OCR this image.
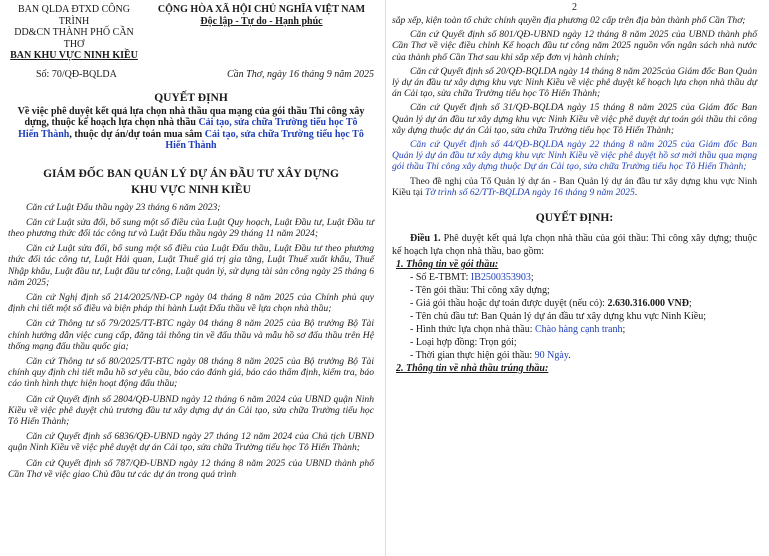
BAN QLDA ĐTXD CÔNG TRÌNH
DD&CN THÀNH PHỐ CẦN THƠ
BAN KHU VỰC NINH KIỀU
CỘNG HÒA XÃ HỘI CHỦ NGHĨA VIỆT NAM
Độc lập - Tự do - Hạnh phúc
Số: 70/QĐ-BQLDA	Cần Thơ, ngày 16 tháng 9 năm 2025
QUYẾT ĐỊNH
Về việc phê duyệt kết quả lựa chọn nhà thầu qua mạng của gói thầu Thi công xây dựng, thuộc kế hoạch lựa chọn nhà thầu Cải tạo, sửa chữa Trường tiểu học Tô Hiến Thành, thuộc dự án/dự toán mua sắm Cải tạo, sửa chữa Trường tiểu học Tô Hiến Thành
GIÁM ĐỐC BAN QUẢN LÝ DỰ ÁN ĐẦU TƯ XÂY DỰNG
KHU VỰC NINH KIỀU

Căn cứ Luật Đấu thầu ngày 23 tháng 6 năm 2023;

Căn cứ Luật sửa đổi, bổ sung một số điều của Luật Quy hoạch, Luật Đầu tư, Luật Đầu tư theo phương thức đối tác công tư và Luật Đấu thầu ngày 29 tháng 11 năm 2024;

Căn cứ Luật sửa đổi, bổ sung một số điều của Luật Đấu thầu, Luật Đầu tư theo phương thức đối tác công tư, Luật Hải quan, Luật Thuế giá trị gia tăng, Luật Thuế xuất khẩu, Thuế Nhập khẩu, Luật đầu tư, Luật đầu tư công, Luật quản lý, sử dụng tài sản công ngày 25 tháng 6 năm 2025;

Căn cứ Nghị định số 214/2025/NĐ-CP ngày 04 tháng 8 năm 2025 của Chính phủ quy định chi tiết một số điều và biện pháp thi hành Luật Đấu thầu về lựa chọn nhà thầu;

Căn cứ Thông tư số 79/2025/TT-BTC ngày 04 tháng 8 năm 2025 của Bộ trưởng Bộ Tài chính hướng dẫn việc cung cấp, đăng tải thông tin về đấu thầu và mẫu hồ sơ đấu thầu trên Hệ thống mạng đấu thầu quốc gia;

Căn cứ Thông tư số 80/2025/TT-BTC ngày 08 tháng 8 năm 2025 của Bộ trưởng Bộ Tài chính quy định chi tiết mẫu hồ sơ yêu cầu, báo cáo đánh giá, báo cáo thẩm định, kiểm tra, báo cáo tình hình thực hiện hoạt động đấu thầu;

Căn cứ Quyết định số 2804/QĐ-UBND ngày 12 tháng 6 năm 2024 của UBND quận Ninh Kiều về việc phê duyệt chủ trương đầu tư xây dựng dự án Cải tạo, sửa chữa Trường tiểu học Tô Hiến Thành;

Căn cứ Quyết định số 6836/QĐ-UBND ngày 27 tháng 12 năm 2024 của Chủ tịch UBND quận Ninh Kiều về việc phê duyệt dự án Cải tạo, sửa chữa Trường tiểu học Tô Hiến Thành;

Căn cứ Quyết định số 787/QĐ-UBND ngày 12 tháng 8 năm 2025 của UBND thành phố Cần Thơ về việc giao Chủ đầu tư các dự án trong quá trình

2

sắp xếp, kiện toàn tổ chức chính quyền địa phương 02 cấp trên địa bàn thành phố Cần Thơ;

Căn cứ Quyết định số 801/QĐ-UBND ngày 12 tháng 8 năm 2025 của UBND thành phố Cần Thơ về việc điều chỉnh Kế hoạch đầu tư công năm 2025 nguồn vốn ngân sách nhà nước của thành phố Cần Thơ sau khi sắp xếp đơn vị hành chính;

Căn cứ Quyết định số 20/QĐ-BQLDA ngày 14 tháng 8 năm 2025của Giám đốc Ban Quản lý dự án đầu tư xây dựng khu vực Ninh Kiều về việc phê duyệt kế hoạch lựa chọn nhà thầu dự án Cải tạo, sửa chữa Trường tiểu học Tô Hiến Thành;

Căn cứ Quyết định số 31/QĐ-BQLDA ngày 15 tháng 8 năm 2025 của Giám đốc Ban Quản lý dự án đầu tư xây dựng khu vực Ninh Kiều về việc phê duyệt dự toán gói thầu thi công xây dựng thuộc dự án Cải tạo, sửa chữa Trường tiểu học Tô Hiến Thành;

Căn cứ Quyết định số 44/QĐ-BQLDA ngày 22 tháng 8 năm 2025 của Giám đốc Ban Quản lý dự án đầu tư xây dựng khu vực Ninh Kiều về việc phê duyệt hồ sơ mời thầu qua mạng gói thầu Thi công xây dựng thuộc Dự án Cải tạo, sửa chữa Trường tiểu học Tô Hiến Thành;

Theo đề nghị của Tổ Quản lý dự án - Ban Quản lý dự án đầu tư xây dựng khu vực Ninh Kiều tại Tờ trình số 62/TTr-BQLDA ngày 16 tháng 9 năm 2025.

QUYẾT ĐỊNH:

Điều 1. Phê duyệt kết quả lựa chọn nhà thầu của gói thầu: Thi công xây dựng; thuộc kế hoạch lựa chọn nhà thầu, bao gồm:

1. Thông tin về gói thầu:

- Số E-TBMT: IB2500353903;

- Tên gói thầu: Thi công xây dựng;

- Giá gói thầu hoặc dự toán được duyệt (nếu có): 2.630.316.000 VNĐ;

- Tên chủ đầu tư: Ban Quản lý dự án đầu tư xây dựng khu vực Ninh Kiều;

- Hình thức lựa chọn nhà thầu: Chào hàng cạnh tranh;

- Loại hợp đồng: Trọn gói;

- Thời gian thực hiện gói thầu: 90 Ngày.

2. Thông tin về nhà thầu trúng thầu:
